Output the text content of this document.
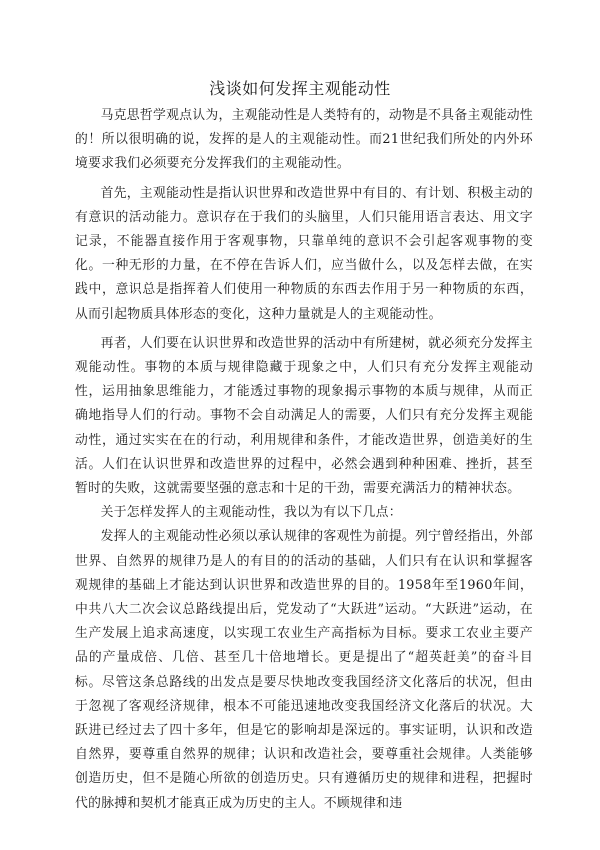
浅谈如何发挥主观能动性

马克思哲学观点认为，主观能动性是人类特有的，动物是不具备主观能动性的！所以很明确的说，发挥的是人的主观能动性。而21世纪我们所处的内外环境要求我们必须要充分发挥我们的主观能动性。

首先，主观能动性是指认识世界和改造世界中有目的、有计划、积极主动的有意识的活动能力。意识存在于我们的头脑里，人们只能用语言表达、用文字记录，不能器直接作用于客观事物，只靠单纯的意识不会引起客观事物的变化。一种无形的力量，在不停在告诉人们，应当做什么，以及怎样去做，在实践中，意识总是指挥着人们使用一种物质的东西去作用于另一种物质的东西，从而引起物质具体形态的变化，这种力量就是人的主观能动性。

再者，人们要在认识世界和改造世界的活动中有所建树，就必须充分发挥主观能动性。事物的本质与规律隐藏于现象之中，人们只有充分发挥主观能动性，运用抽象思维能力，才能透过事物的现象揭示事物的本质与规律，从而正确地指导人们的行动。事物不会自动满足人的需要，人们只有充分发挥主观能动性，通过实实在在的行动，利用规律和条件，才能改造世界，创造美好的生活。人们在认识世界和改造世界的过程中，必然会遇到种种困难、挫折，甚至暂时的失败，这就需要坚强的意志和十足的干劲，需要充满活力的精神状态。

关于怎样发挥人的主观能动性，我以为有以下几点：

发挥人的主观能动性必须以承认规律的客观性为前提。列宁曾经指出，外部世界、自然界的规律乃是人的有目的的活动的基础，人们只有在认识和掌握客观规律的基础上才能达到认识世界和改造世界的目的。1958年至1960年间，中共八大二次会议总路线提出后，党发动了“大跃进”运动。“大跃进”运动，在生产发展上追求高速度，以实现工农业生产高指标为目标。要求工农业主要产品的产量成倍、几倍、甚至几十倍地增长。更是提出了“超英赶美”的奋斗目标。尽管这条总路线的出发点是要尽快地改变我国经济文化落后的状况，但由于忽视了客观经济规律，根本不可能迅速地改变我国经济文化落后的状况。大跃进已经过去了四十多年，但是它的影响却是深远的。事实证明，认识和改造自然界，要尊重自然界的规律；认识和改造社会，要尊重社会规律。人类能够创造历史，但不是随心所欲的创造历史。只有遵循历史的规律和进程，把握时代的脉搏和契机才能真正成为历史的主人。不顾规律和违
